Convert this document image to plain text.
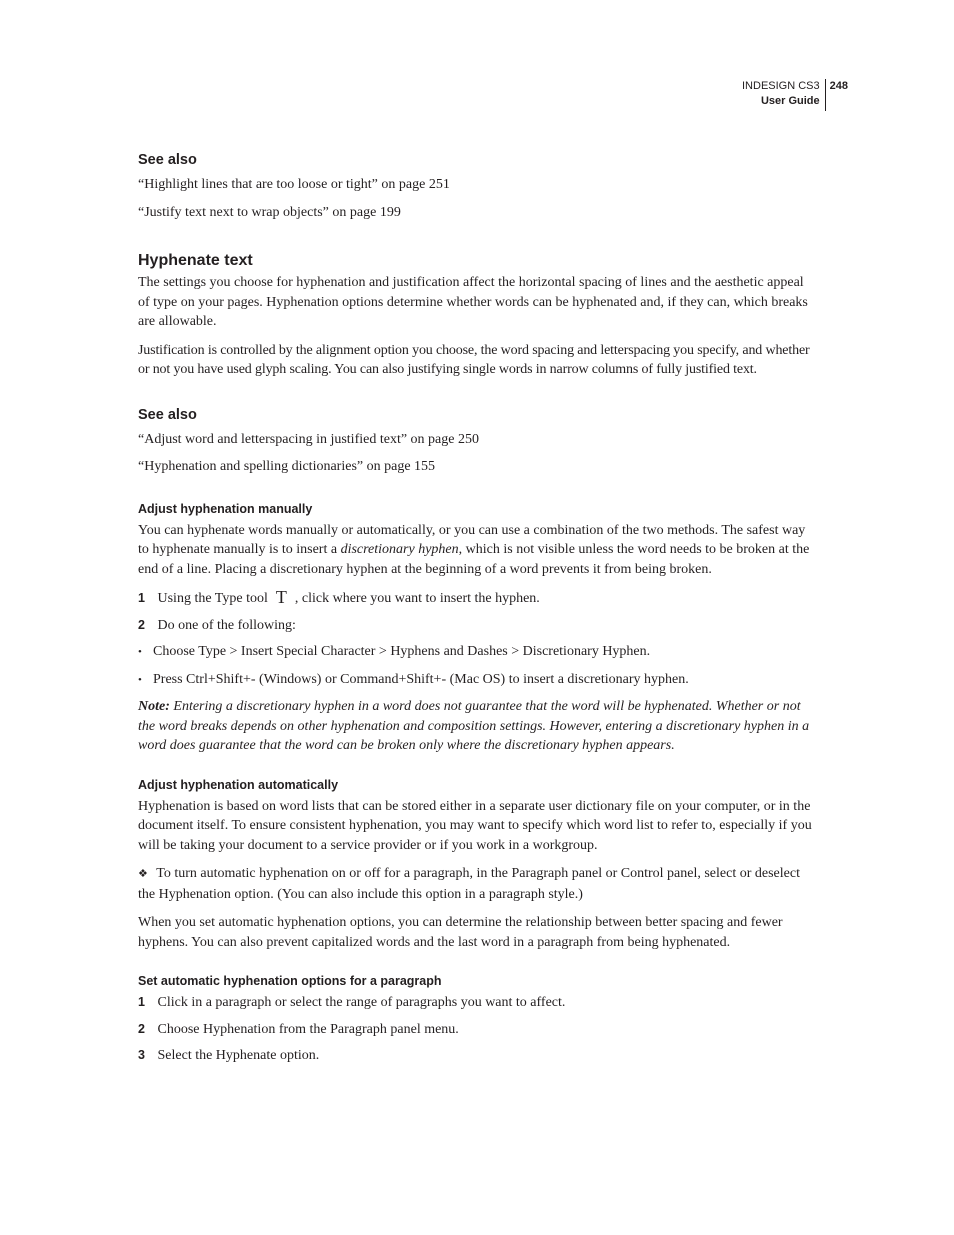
INDESIGN CS3
User Guide
248
See also
“Highlight lines that are too loose or tight” on page 251
“Justify text next to wrap objects” on page 199
Hyphenate text

The settings you choose for hyphenation and justification affect the horizontal spacing of lines and the aesthetic appeal of type on your pages. Hyphenation options determine whether words can be hyphenated and, if they can, which breaks are allowable.

Justification is controlled by the alignment option you choose, the word spacing and letterspacing you specify, and whether or not you have used glyph scaling. You can also justifying single words in narrow columns of fully justified text.

See also
“Adjust word and letterspacing in justified text” on page 250
“Hyphenation and spelling dictionaries” on page 155
Adjust hyphenation manually

You can hyphenate words manually or automatically, or you can use a combination of the two methods. The safest way to hyphenate manually is to insert a discretionary hyphen, which is not visible unless the word needs to be broken at the end of a line. Placing a discretionary hyphen at the beginning of a word prevents it from being broken.

1 Using the Type tool T , click where you want to insert the hyphen.
2 Do one of the following:
• Choose Type > Insert Special Character > Hyphens and Dashes > Discretionary Hyphen.
• Press Ctrl+Shift+- (Windows) or Command+Shift+- (Mac OS) to insert a discretionary hyphen.

Note: Entering a discretionary hyphen in a word does not guarantee that the word will be hyphenated. Whether or not the word breaks depends on other hyphenation and composition settings. However, entering a discretionary hyphen in a word does guarantee that the word can be broken only where the discretionary hyphen appears.

Adjust hyphenation automatically

Hyphenation is based on word lists that can be stored either in a separate user dictionary file on your computer, or in the document itself. To ensure consistent hyphenation, you may want to specify which word list to refer to, especially if you will be taking your document to a service provider or if you work in a workgroup.

❖ To turn automatic hyphenation on or off for a paragraph, in the Paragraph panel or Control panel, select or deselect the Hyphenation option. (You can also include this option in a paragraph style.)

When you set automatic hyphenation options, you can determine the relationship between better spacing and fewer hyphens. You can also prevent capitalized words and the last word in a paragraph from being hyphenated.

Set automatic hyphenation options for a paragraph
1 Click in a paragraph or select the range of paragraphs you want to affect.
2 Choose Hyphenation from the Paragraph panel menu.
3 Select the Hyphenate option.
